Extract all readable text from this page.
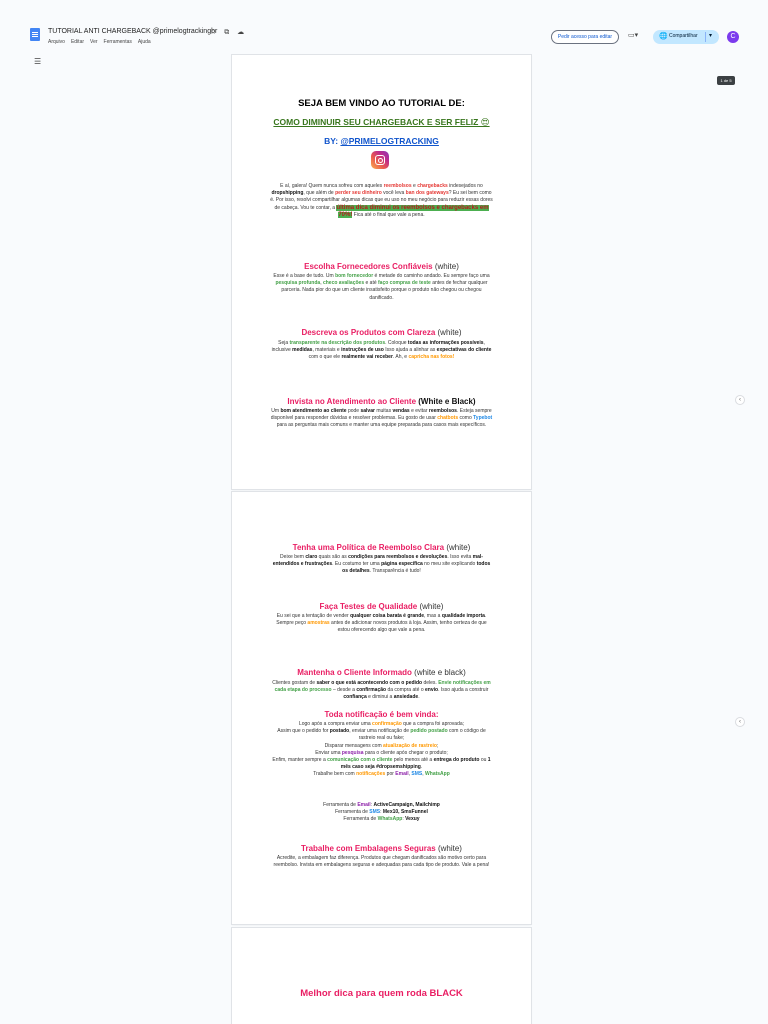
TUTORIAL ANTI CHARGEBACK @primelogtrackingbr
☆ ⧉ ☁
Arquivo Editar Ver Ferramentas Ajuda
Pedir acesso para editar	▭▾	🌐 Compartilhar ▾	C
☰
1 de 5
‹
‹
SEJA BEM VINDO AO TUTORIAL DE:
COMO DIMINUIR SEU CHARGEBACK E SER FELIZ 😍
BY: @PRIMELOGTRACKING
E aí, galera! Quem nunca sofreu com aqueles reembolsos e chargebacks indesejados no dropshipping, que além de perder seu dinheiro você leva ban dos gateways? Eu sei bem como é. Por isso, resolvi compartilhar algumas dicas que eu uso no meu negócio para reduzir essas dores de cabeça. Vou te contar, a última dica diminui os reembolsos e chargebacks em 70%! Fica até o final que vale a pena.
Escolha Fornecedores Confiáveis (white)
Esse é a base de tudo. Um bom fornecedor é metade do caminho andado. Eu sempre faço uma pesquisa profunda, checo avaliações e até faço compras de teste antes de fechar qualquer parceria. Nada pior do que um cliente insatisfeito porque o produto não chegou ou chegou danificado.
Descreva os Produtos com Clareza (white)
Seja transparente na descrição dos produtos. Coloque todas as informações possíveis, inclusive medidas, materiais e instruções de uso Isso ajuda a alinhar as expectativas do cliente com o que ele realmente vai receber. Ah, e capricha nas fotos!
Invista no Atendimento ao Cliente (White e Black)
Um bom atendimento ao cliente pode salvar muitas vendas e evitar reembolsos. Esteja sempre disponível para responder dúvidas e resolver problemas. Eu gosto de usar chatbots como Typebot para as perguntas mais comuns e manter uma equipe preparada para casos mais específicos.
Tenha uma Política de Reembolso Clara (white)
Deixe bem claro quais são as condições para reembolsos e devoluções. Isso evita mal-entendidos e frustrações. Eu costumo ter uma página específica no meu site explicando todos os detalhes. Transparência é tudo!
Faça Testes de Qualidade (white)
Eu sei que a tentação de vender qualquer coisa barata é grande, mas a qualidade importa. Sempre peço amostras antes de adicionar novos produtos à loja. Assim, tenho certeza de que estou oferecendo algo que vale a pena.
Mantenha o Cliente Informado (white e black)
Clientes gostam de saber o que está acontecendo com o pedido deles. Envie notificações em cada etapa do processo – desde a confirmação da compra até o envio. Isso ajuda a construir confiança e diminui a ansiedade.
Toda notificação é bem vinda:
Logo após a compra enviar uma confirmação que a compra foi aprovada;
Assim que o pedido for postado, enviar uma notificação de pedido postado com o código de rastreio real ou fake;
Disparar mensagens com atualização de rastreio;
Enviar uma pesquisa para o cliente após chegar o produto;
Enfim, manter sempre a comunicação com o cliente pelo menos até a entrega do produto ou 1 mês caso seja #dropsemshipping.
Trabalhe bem com notificações por Email, SMS, WhatsApp
Ferramenta de Email: ActiveCampaign, Mailchimp
Ferramenta de SMS: Mex10, SmsFunnel
Ferramenta de WhatsApp: Vexuy
Trabalhe com Embalagens Seguras (white)
Acredite, a embalagem faz diferença. Produtos que chegam danificados são motivo certo para reembolso. Invista em embalagens seguras e adequadas para cada tipo de produto. Vale a pena!
Melhor dica para quem roda BLACK
